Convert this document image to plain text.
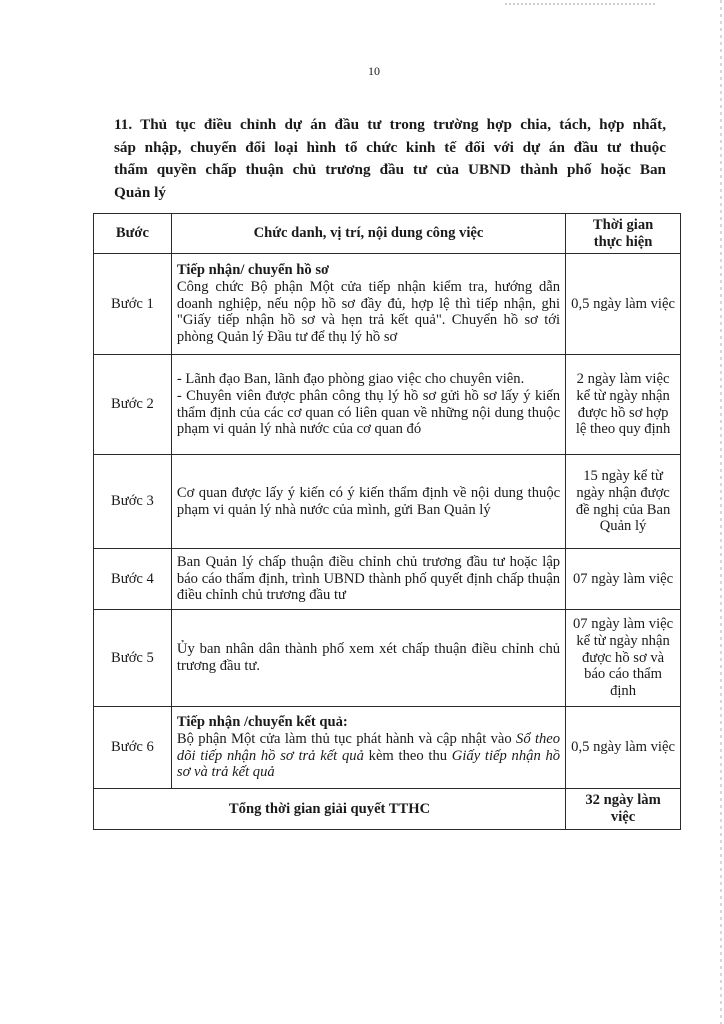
10
11. Thủ tục điều chỉnh dự án đầu tư trong trường hợp chia, tách, hợp nhất,
sáp nhập, chuyển đổi loại hình tổ chức kinh tế đối với dự án đầu tư thuộc
thẩm quyền chấp thuận chủ trương đầu tư của UBND thành phố hoặc Ban
Quản lý
Bước	Chức danh, vị trí, nội dung công việc	Thời gian thực hiện
Bước 1	Tiếp nhận/ chuyển hồ sơ
Công chức Bộ phận Một cửa tiếp nhận kiểm tra, hướng dẫn doanh nghiệp, nếu nộp hồ sơ đầy đủ, hợp lệ thì tiếp nhận, ghi "Giấy tiếp nhận hồ sơ và hẹn trả kết quả". Chuyển hồ sơ tới phòng Quản lý Đầu tư để thụ lý hồ sơ	0,5 ngày làm việc
Bước 2	- Lãnh đạo Ban, lãnh đạo phòng giao việc cho chuyên viên.
- Chuyên viên được phân công thụ lý hồ sơ gửi hồ sơ lấy ý kiến thẩm định của các cơ quan có liên quan về những nội dung thuộc phạm vi quản lý nhà nước của cơ quan đó	2 ngày làm việc kể từ ngày nhận được hồ sơ hợp lệ theo quy định
Bước 3	Cơ quan được lấy ý kiến có ý kiến thẩm định về nội dung thuộc phạm vi quản lý nhà nước của mình, gửi Ban Quản lý	15 ngày kể từ ngày nhận được đề nghị của Ban Quản lý
Bước 4	Ban Quản lý chấp thuận điều chỉnh chủ trương đầu tư hoặc lập báo cáo thẩm định, trình UBND thành phố quyết định chấp thuận điều chỉnh chủ trương đầu tư	07 ngày làm việc
Bước 5	Ủy ban nhân dân thành phố xem xét chấp thuận điều chỉnh chủ trương đầu tư.	07 ngày làm việc kể từ ngày nhận được hồ sơ và báo cáo thẩm định
Bước 6	Tiếp nhận /chuyển kết quả:
Bộ phận Một cửa làm thủ tục phát hành và cập nhật vào Sổ theo dõi tiếp nhận hồ sơ trả kết quả kèm theo thu Giấy tiếp nhận hồ sơ và trả kết quả	0,5 ngày làm việc
Tổng thời gian giải quyết TTHC		32 ngày làm việc
